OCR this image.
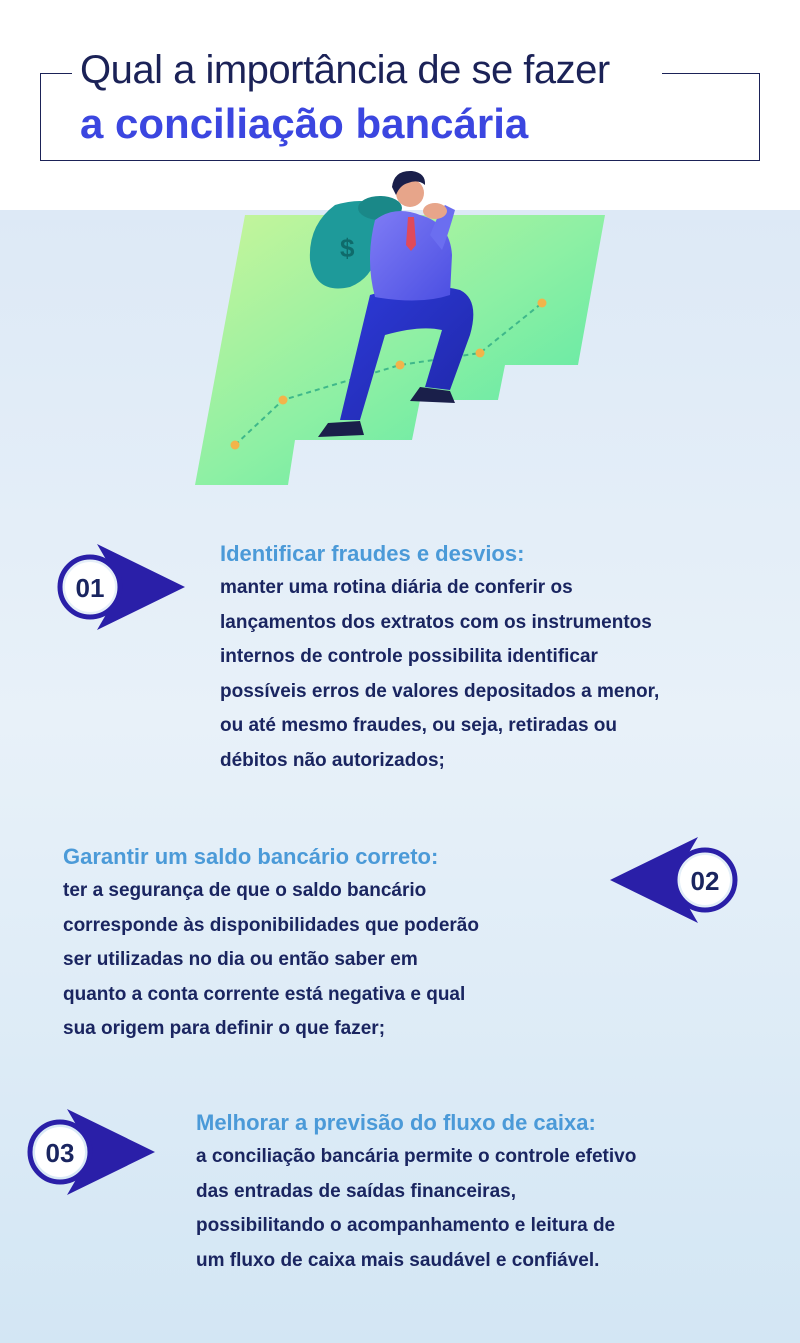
Qual a importância de se fazer
a conciliação bancária
$
01
Identificar fraudes e desvios:
manter uma rotina diária de conferir os
lançamentos dos extratos com os instrumentos
internos de controle possibilita identificar
possíveis erros de valores depositados a menor,
ou até mesmo fraudes, ou seja, retiradas ou
débitos não autorizados;
Garantir um saldo bancário correto:
ter a segurança de que o saldo bancário
corresponde às disponibilidades que poderão
ser utilizadas no dia ou então saber em
quanto a conta corrente está negativa e qual
sua origem para definir o que fazer;
02
03
Melhorar a previsão do fluxo de caixa:
a conciliação bancária permite o controle efetivo
das entradas de saídas financeiras,
possibilitando o acompanhamento e leitura de
um fluxo de caixa mais saudável e confiável.
